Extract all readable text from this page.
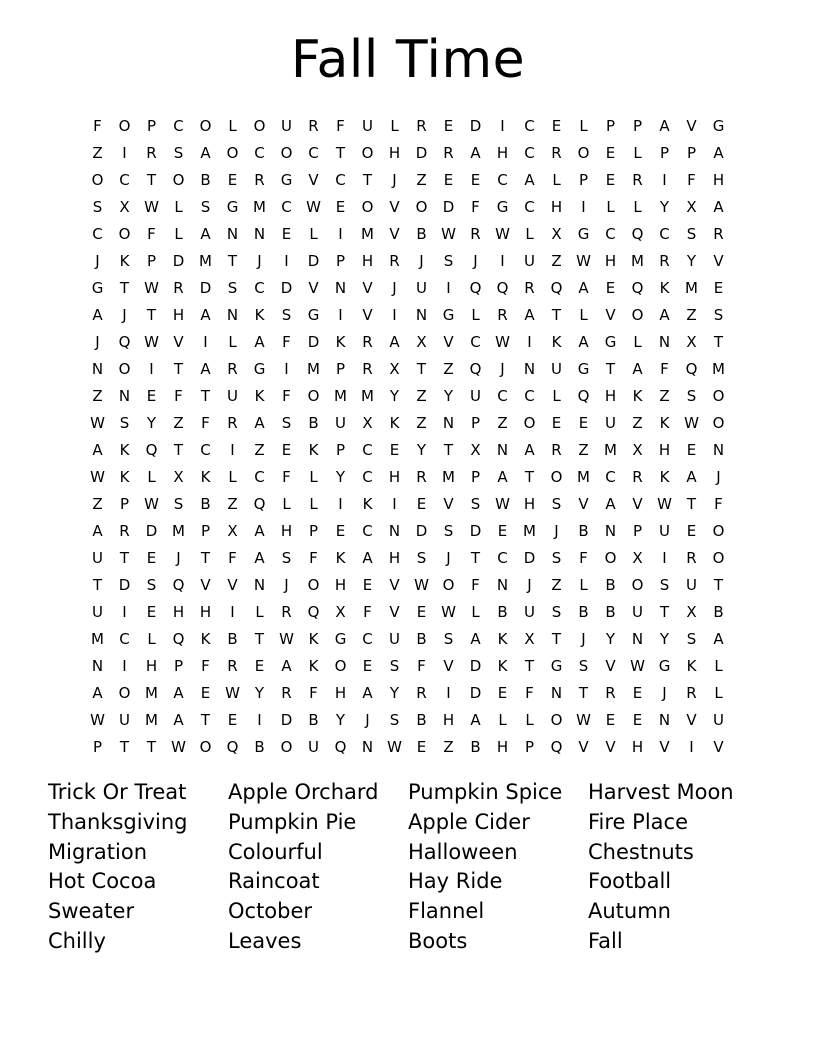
Fall Time
F	O	P	C	O	L	O	U	R	F	U	L	R	E	D	I	C	E	L	P	P	A	V	G
Z	I	R	S	A	O	C	O	C	T	O	H	D	R	A	H	C	R	O	E	L	P	P	A
O	C	T	O	B	E	R	G	V	C	T	J	Z	E	E	C	A	L	P	E	R	I	F	H
S	X W	L	S	G M	C W E	O	V	O	D	F	G	C	H	I	L	L	Y	X	A
C	O	F	L	A	N	N	E	L	I	M	V	B W R W	L	X	G	C	Q	C	S	R
J	K	P	D M	T	J	I	D	P	H	R	J	S	J	I	U	Z W H M	R	Y	V
G	T	W R	D	S	C	D	V	N	V	J	U	I	Q	Q	R	Q	A	E	Q	K	M	E
A	J	T	H	A	N	K	S	G	I	V	I	N	G	L	R	A	T	L	V	O	A	Z	S
J	Q W V	I	L	A	F	D	K	R	A	X	V	C W	I	K	A	G	L	N	X	T
N	O	I	T	A	R	G	I	M	P	R	X	T	Z	Q	J	N	U	G	T	A	F	Q M
Z	N	E	F	T	U	K	F	O M M	Y	Z	Y	U	C	C	L	Q	H	K	Z	S	O
W S	Y	Z	F	R	A	S	B	U	X	K	Z	N	P	Z	O	E	E	U	Z	K W O
A	K	Q	T	C	I	Z	E	K	P	C	E	Y	T	X	N	A	R	Z	M	X	H	E	N
W K	L	X	K	L	C	F	L	Y	C	H	R	M	P	A	T	O M	C	R	K	A	J
Z	P	W S	B	Z	Q	L	L	I	K	I	E	V	S W H	S	V	A	V W T	F
A	R	D M	P	X	A	H	P	E	C	N	D	S	D	E	M	J	B	N	P	U	E	O
U	T	E	J	T	F	A	S	F	K	A	H	S	J	T	C	D	S	F	O	X	I	R	O
T	D	S	Q	V	V	N	J	O	H	E	V W O	F	N	J	Z	L	B	O	S	U	T
U	I	E	H	H	I	L	R	Q	X	F	V	E W	L	B	U	S	B	B	U	T	X	B
M	C	L	Q	K	B	T	W K	G	C	U	B	S	A	K	X	T	J	Y	N	Y	S	A
N	I	H	P	F	R	E	A	K	O	E	S	F	V	D	K	T	G	S	V W G	K	L
A	O M	A	E W Y	R	F	H	A	Y	R	I	D	E	F	N	T	R	E	J	R	L
W U	M	A	T	E	I	D	B	Y	J	S	B	H	A	L	L	O W E	E	N	V	U
P	T	T	W O	Q	B	O	U	Q	N W E	Z	B	H	P	Q	V	V	H	V	I	V
Trick Or Treat	Apple Orchard	Pumpkin Spice	Harvest Moon
Thanksgiving	Pumpkin Pie	Apple Cider	Fire Place
Migration	Colourful	Halloween	Chestnuts
Hot Cocoa	Raincoat	Hay Ride	Football
Sweater	October	Flannel	Autumn
Chilly	Leaves	Boots	Fall
